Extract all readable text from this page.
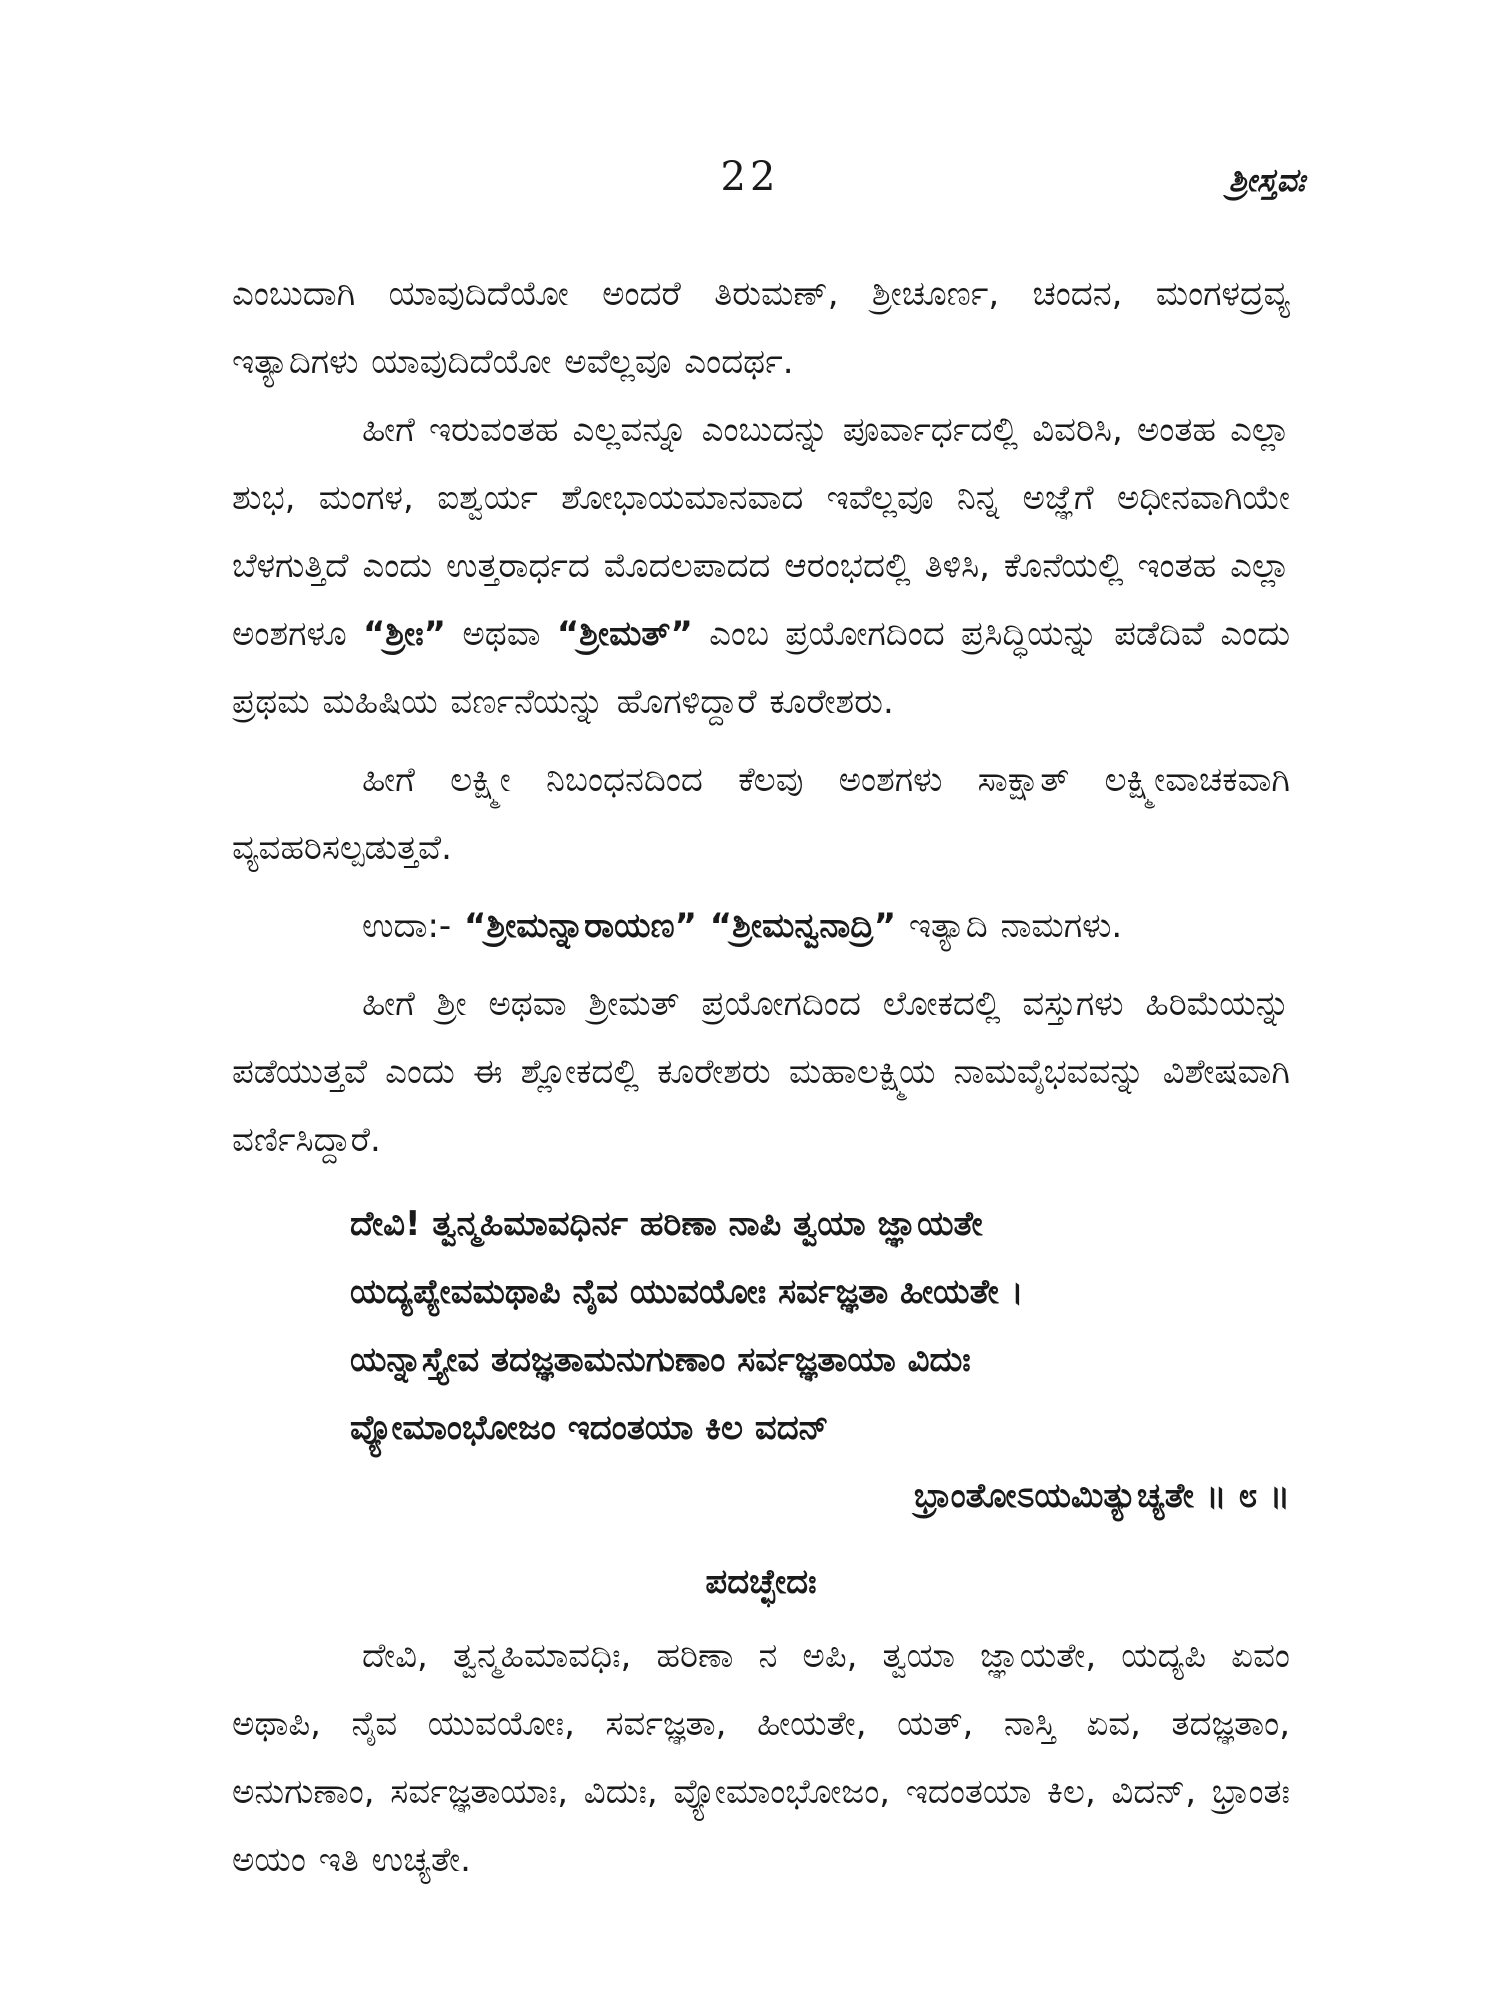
22	ಶ್ರೀಸ್ತವಃ

ಎಂಬುದಾಗಿ ಯಾವುದಿದೆಯೋ ಅಂದರೆ ತಿರುಮಣ್, ಶ್ರೀಚೂರ್ಣ, ಚಂದನ, ಮಂಗಳದ್ರವ್ಯ ಇತ್ಯಾದಿಗಳು ಯಾವುದಿದೆಯೋ ಅವೆಲ್ಲವೂ ಎಂದರ್ಥ.

ಹೀಗೆ ಇರುವಂತಹ ಎಲ್ಲವನ್ನೂ ಎಂಬುದನ್ನು ಪೂರ್ವಾರ್ಧದಲ್ಲಿ ವಿವರಿಸಿ, ಅಂತಹ ಎಲ್ಲಾ ಶುಭ, ಮಂಗಳ, ಐಶ್ವರ್ಯ ಶೋಭಾಯಮಾನವಾದ ಇವೆಲ್ಲವೂ ನಿನ್ನ ಅಜ್ಞೆಗೆ ಅಧೀನವಾಗಿಯೇ ಬೆಳಗುತ್ತಿದೆ ಎಂದು ಉತ್ತರಾರ್ಧದ ಮೊದಲಪಾದದ ಆರಂಭದಲ್ಲಿ ತಿಳಿಸಿ, ಕೊನೆಯಲ್ಲಿ ಇಂತಹ ಎಲ್ಲಾ ಅಂಶಗಳೂ “ಶ್ರೀಃ” ಅಥವಾ “ಶ್ರೀಮತ್” ಎಂಬ ಪ್ರಯೋಗದಿಂದ ಪ್ರಸಿದ್ಧಿಯನ್ನು ಪಡೆದಿವೆ ಎಂದು ಪ್ರಥಮ ಮಹಿಷಿಯ ವರ್ಣನೆಯನ್ನು ಹೊಗಳಿದ್ದಾರೆ ಕೂರೇಶರು.

ಹೀಗೆ ಲಕ್ಷ್ಮೀ ನಿಬಂಧನದಿಂದ ಕೆಲವು ಅಂಶಗಳು ಸಾಕ್ಷಾತ್ ಲಕ್ಷ್ಮೀವಾಚಕವಾಗಿ ವ್ಯವಹರಿಸಲ್ಪಡುತ್ತವೆ.

ಉದಾ:- “ಶ್ರೀಮನ್ನಾರಾಯಣ” “ಶ್ರೀಮನ್ವನಾದ್ರಿ” ಇತ್ಯಾದಿ ನಾಮಗಳು.

ಹೀಗೆ ಶ್ರೀ ಅಥವಾ ಶ್ರೀಮತ್ ಪ್ರಯೋಗದಿಂದ ಲೋಕದಲ್ಲಿ ವಸ್ತುಗಳು ಹಿರಿಮೆಯನ್ನು ಪಡೆಯುತ್ತವೆ ಎಂದು ಈ ಶ್ಲೋಕದಲ್ಲಿ ಕೂರೇಶರು ಮಹಾಲಕ್ಷ್ಮಿಯ ನಾಮವೈಭವವನ್ನು ವಿಶೇಷವಾಗಿ ವರ್ಣಿಸಿದ್ದಾರೆ.

ದೇವಿ! ತ್ವನ್ಮಹಿಮಾವಧಿರ್ನ ಹರಿಣಾ ನಾಪಿ ತ್ವಯಾ ಜ್ಞಾಯತೇ
ಯದ್ಯಪ್ಯೇವಮಥಾಪಿ ನೈವ ಯುವಯೋಃ ಸರ್ವಜ್ಞತಾ ಹೀಯತೇ ।
ಯನ್ನಾಸ್ತ್ಯೇವ ತದಜ್ಞತಾಮನುಗುಣಾಂ ಸರ್ವಜ್ಞತಾಯಾ ವಿದುಃ
ವ್ಯೋಮಾಂಭೋಜಂ ಇದಂತಯಾ ಕಿಲ ವದನ್
ಭ್ರಾಂತೋಽಯಮಿತ್ಯುಚ್ಯತೇ ॥ ೮ ॥
ಪದಚ್ಛೇದಃ

ದೇವಿ, ತ್ವನ್ಮಹಿಮಾವಧಿಃ, ಹರಿಣಾ ನ ಅಪಿ, ತ್ವಯಾ ಜ್ಞಾಯತೇ, ಯದ್ಯಪಿ ಏವಂ ಅಥಾಪಿ, ನೈವ ಯುವಯೋಃ, ಸರ್ವಜ್ಞತಾ, ಹೀಯತೇ, ಯತ್, ನಾಸ್ತಿ ಏವ, ತದಜ್ಞತಾಂ, ಅನುಗುಣಾಂ, ಸರ್ವಜ್ಞತಾಯಾಃ, ವಿದುಃ, ವ್ಯೋಮಾಂಭೋಜಂ, ಇದಂತಯಾ ಕಿಲ, ವಿದನ್, ಭ್ರಾಂತಃ ಅಯಂ ಇತಿ ಉಚ್ಯತೇ.
